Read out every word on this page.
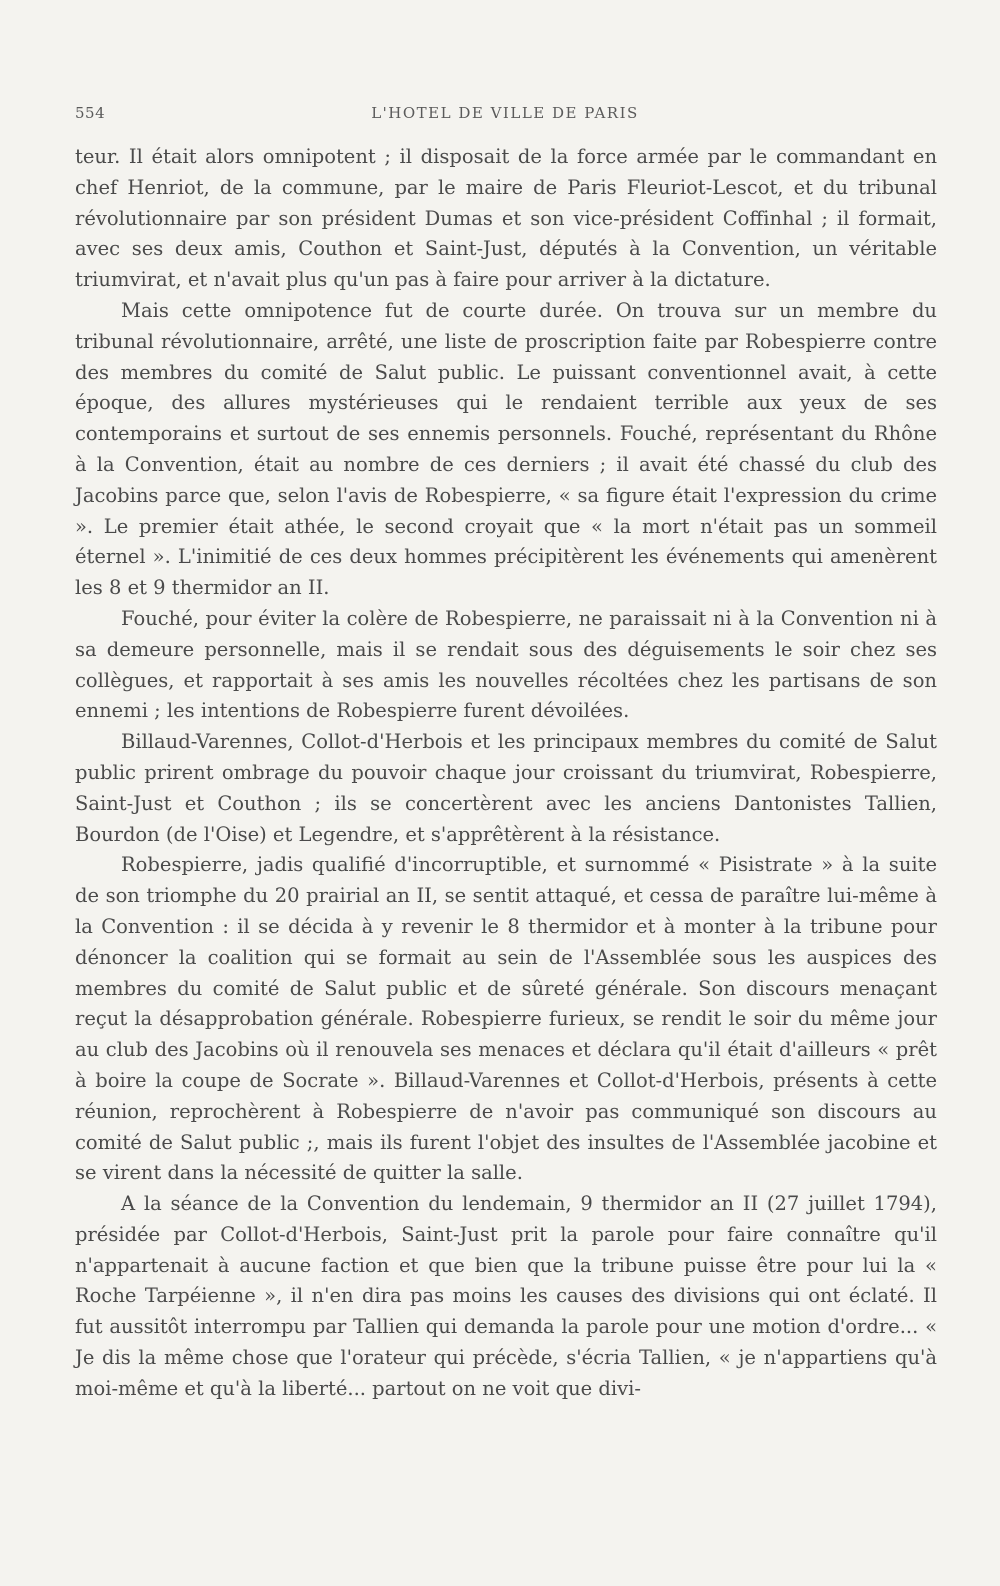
554	L'HOTEL DE VILLE DE PARIS

teur. Il était alors omnipotent ; il disposait de la force armée par le commandant en chef Henriot, de la commune, par le maire de Paris Fleuriot-Lescot, et du tribunal révolutionnaire par son président Dumas et son vice-président Coffinhal ; il formait, avec ses deux amis, Couthon et Saint-Just, députés à la Convention, un véritable triumvirat, et n'avait plus qu'un pas à faire pour arriver à la dictature.

Mais cette omnipotence fut de courte durée. On trouva sur un membre du tribunal révolutionnaire, arrêté, une liste de proscription faite par Robespierre contre des membres du comité de Salut public. Le puissant conventionnel avait, à cette époque, des allures mystérieuses qui le rendaient terrible aux yeux de ses contemporains et surtout de ses ennemis personnels. Fouché, représentant du Rhône à la Convention, était au nombre de ces derniers ; il avait été chassé du club des Jacobins parce que, selon l'avis de Robespierre, « sa figure était l'expression du crime ». Le premier était athée, le second croyait que « la mort n'était pas un sommeil éternel ». L'inimitié de ces deux hommes précipitèrent les événements qui amenèrent les 8 et 9 thermidor an II.

Fouché, pour éviter la colère de Robespierre, ne paraissait ni à la Convention ni à sa demeure personnelle, mais il se rendait sous des déguisements le soir chez ses collègues, et rapportait à ses amis les nouvelles récoltées chez les partisans de son ennemi ; les intentions de Robespierre furent dévoilées.

Billaud-Varennes, Collot-d'Herbois et les principaux membres du comité de Salut public prirent ombrage du pouvoir chaque jour croissant du triumvirat, Robespierre, Saint-Just et Couthon ; ils se concertèrent avec les anciens Dantonistes Tallien, Bourdon (de l'Oise) et Legendre, et s'apprêtèrent à la résistance.

Robespierre, jadis qualifié d'incorruptible, et surnommé « Pisistrate » à la suite de son triomphe du 20 prairial an II, se sentit attaqué, et cessa de paraître lui-même à la Convention : il se décida à y revenir le 8 thermidor et à monter à la tribune pour dénoncer la coalition qui se formait au sein de l'Assemblée sous les auspices des membres du comité de Salut public et de sûreté générale. Son discours menaçant reçut la désapprobation générale. Robespierre furieux, se rendit le soir du même jour au club des Jacobins où il renouvela ses menaces et déclara qu'il était d'ailleurs « prêt à boire la coupe de Socrate ». Billaud-Varennes et Collot-d'Herbois, présents à cette réunion, reprochèrent à Robespierre de n'avoir pas communiqué son discours au comité de Salut public ;, mais ils furent l'objet des insultes de l'Assemblée jacobine et se virent dans la nécessité de quitter la salle.

A la séance de la Convention du lendemain, 9 thermidor an II (27 juillet 1794), présidée par Collot-d'Herbois, Saint-Just prit la parole pour faire connaître qu'il n'appartenait à aucune faction et que bien que la tribune puisse être pour lui la « Roche Tarpéienne », il n'en dira pas moins les causes des divisions qui ont éclaté. Il fut aussitôt interrompu par Tallien qui demanda la parole pour une motion d'ordre... « Je dis la même chose que l'orateur qui précède, s'écria Tallien, « je n'appartiens qu'à moi-même et qu'à la liberté... partout on ne voit que divi-
